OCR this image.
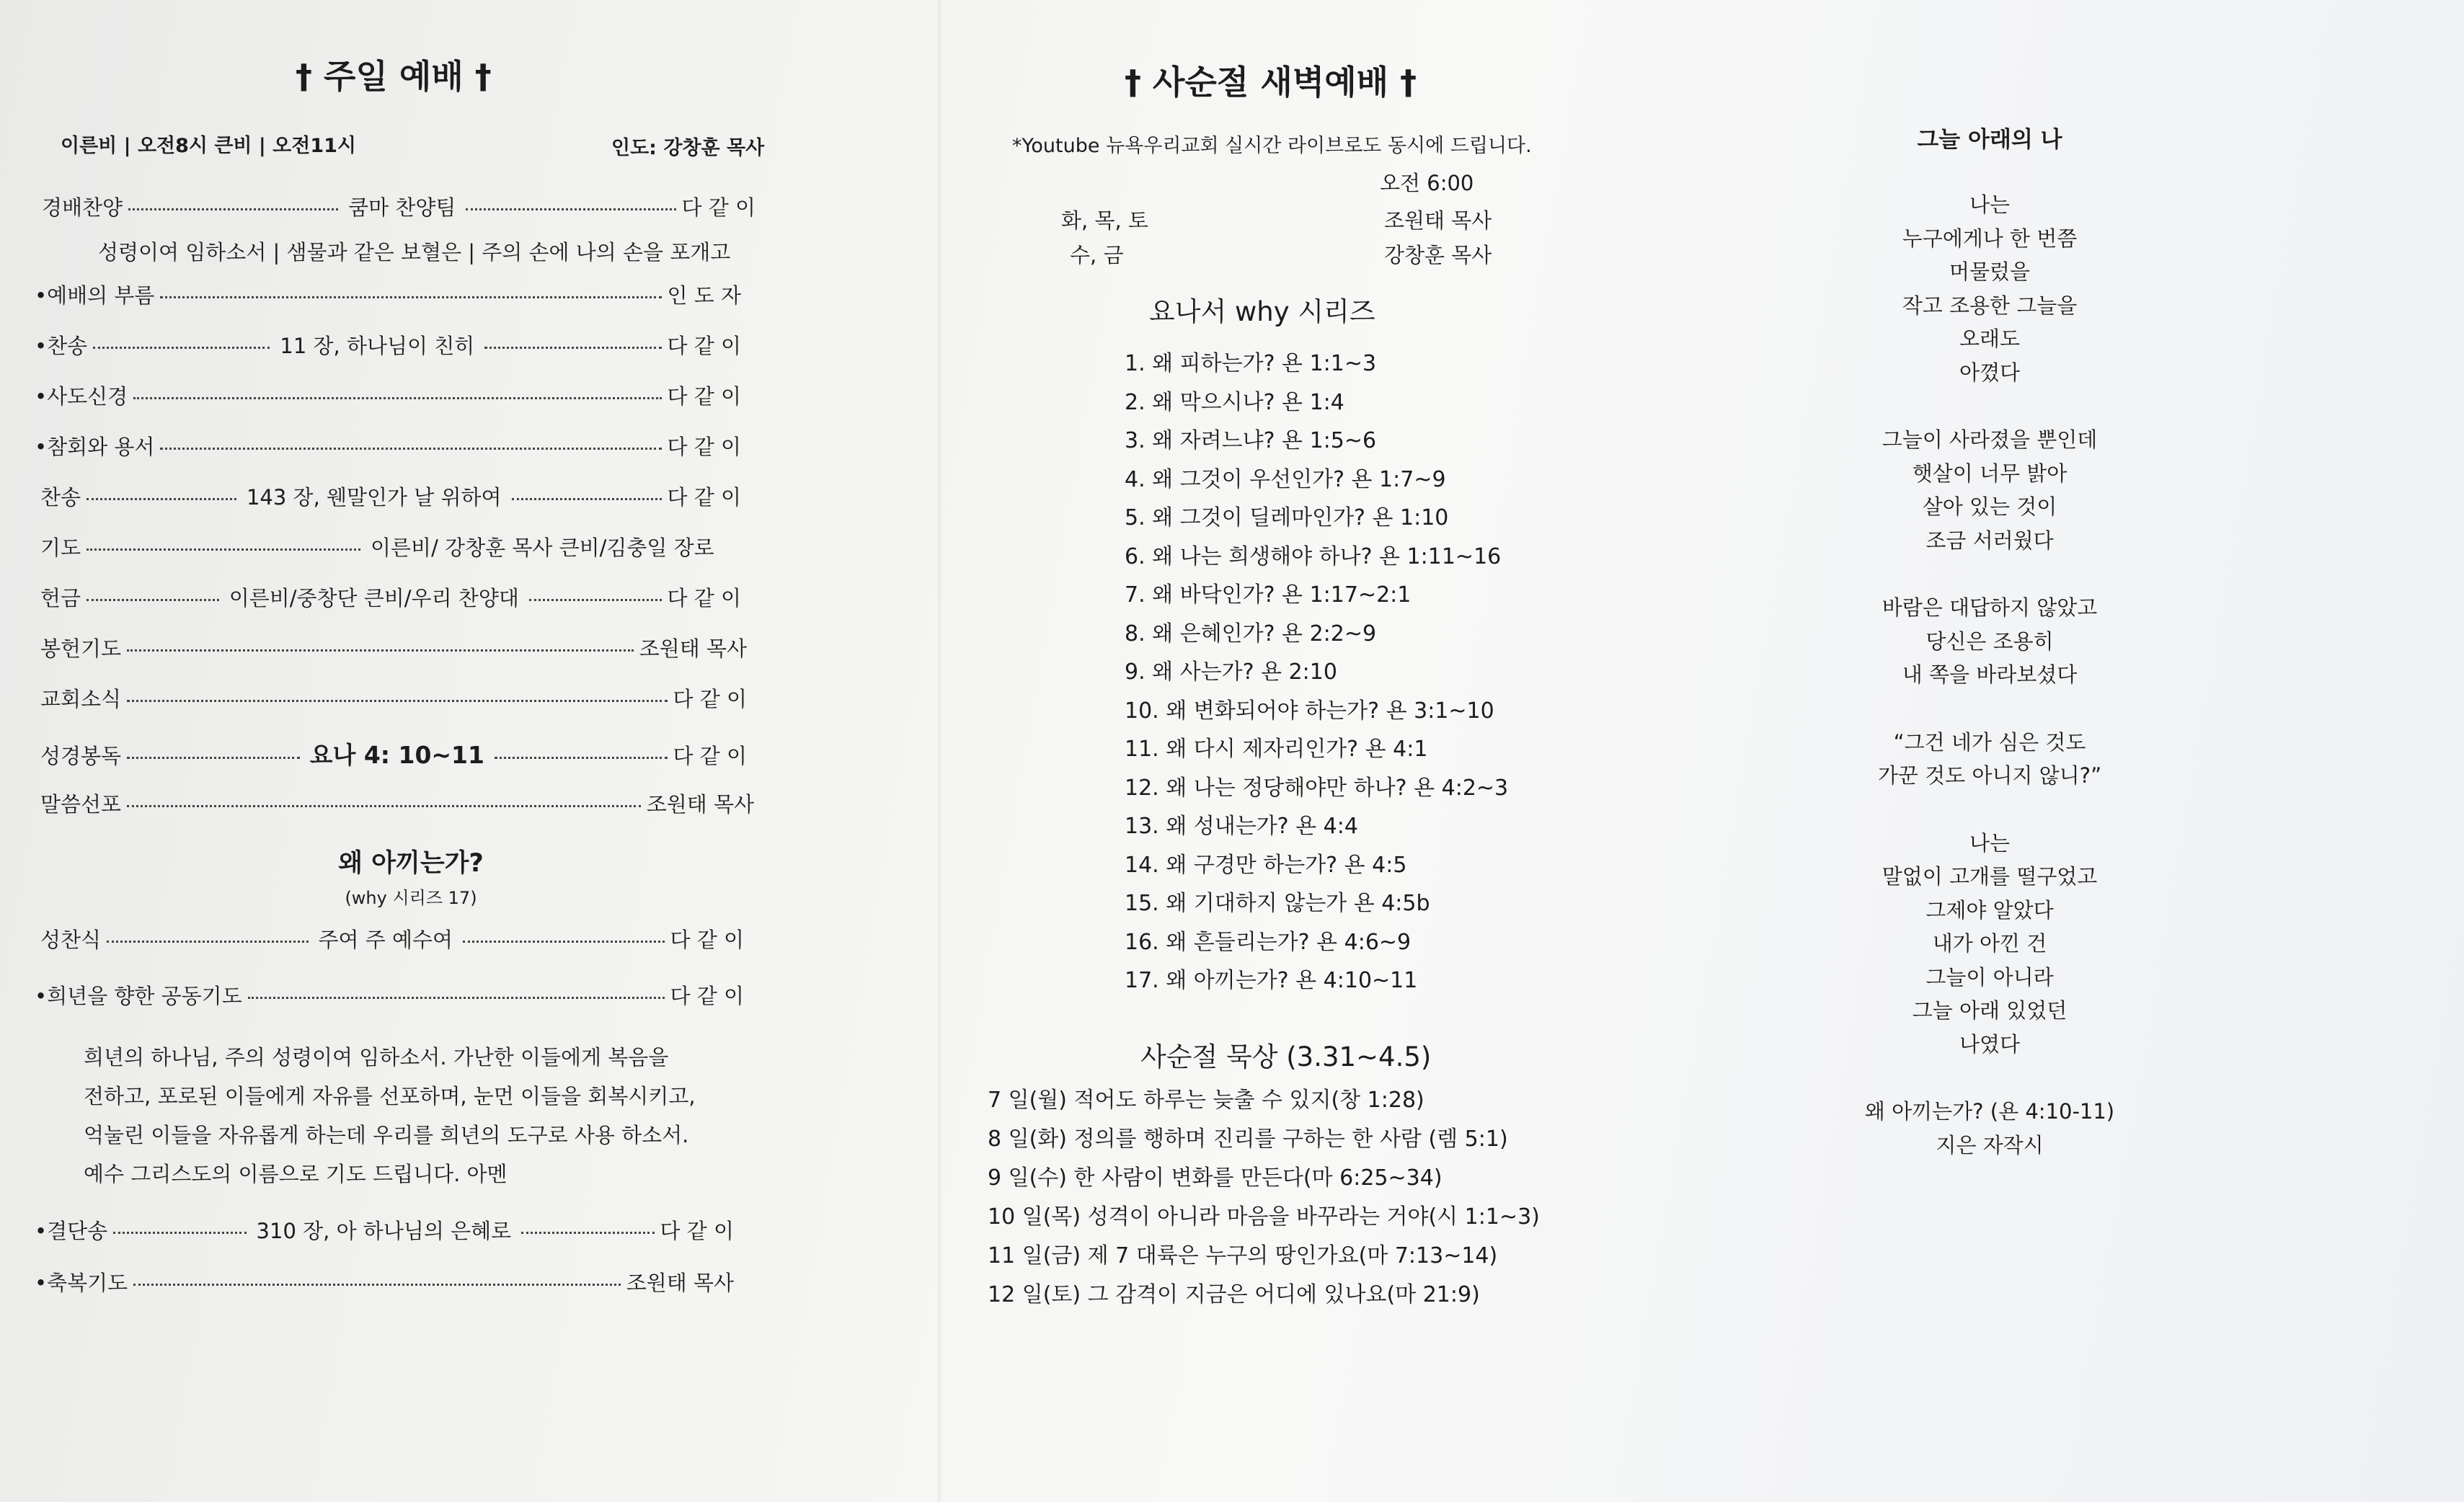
† 주일 예배 †
이른비 | 오전8시 큰비 | 오전11시	인도: 강창훈 목사
경배찬양	쿰마 찬양팀	다 같 이
성령이여 임하소서 | 샘물과 같은 보혈은 | 주의 손에 나의 손을 포개고
•예배의 부름	인 도 자
•찬송	11 장, 하나님이 친히	다 같 이
•사도신경	다 같 이
•참회와 용서	다 같 이
찬송	143 장, 웬말인가 날 위하여	다 같 이
기도	이른비/ 강창훈 목사 큰비/김충일 장로
헌금	이른비/중창단 큰비/우리 찬양대	다 같 이
봉헌기도	조원태 목사
교회소식	다 같 이
성경봉독	요나 4: 10~11	다 같 이
말씀선포	조원태 목사
왜 아끼는가?
(why 시리즈 17)
성찬식	주여 주 예수여	다 같 이
•희년을 향한 공동기도	다 같 이
희년의 하나님, 주의 성령이여 임하소서. 가난한 이들에게 복음을
전하고, 포로된 이들에게 자유를 선포하며, 눈먼 이들을 회복시키고,
억눌린 이들을 자유롭게 하는데 우리를 희년의 도구로 사용 하소서.
예수 그리스도의 이름으로 기도 드립니다. 아멘
•결단송	310 장, 아 하나님의 은혜로	다 같 이
•축복기도	조원태 목사
† 사순절 새벽예배 †
*Youtube 뉴욕우리교회 실시간 라이브로도 동시에 드립니다.
오전 6:00
화, 목, 토	조원태 목사
수, 금	강창훈 목사
요나서 why 시리즈
1. 왜 피하는가? 욘 1:1~3
2. 왜 막으시나? 욘 1:4
3. 왜 자려느냐? 욘 1:5~6
4. 왜 그것이 우선인가? 욘 1:7~9
5. 왜 그것이 딜레마인가? 욘 1:10
6. 왜 나는 희생해야 하나? 욘 1:11~16
7. 왜 바닥인가? 욘 1:17~2:1
8. 왜 은혜인가? 욘 2:2~9
9. 왜 사는가? 욘 2:10
10. 왜 변화되어야 하는가? 욘 3:1~10
11. 왜 다시 제자리인가? 욘 4:1
12. 왜 나는 정당해야만 하나? 욘 4:2~3
13. 왜 성내는가? 욘 4:4
14. 왜 구경만 하는가? 욘 4:5
15. 왜 기대하지 않는가 욘 4:5b
16. 왜 흔들리는가? 욘 4:6~9
17. 왜 아끼는가? 욘 4:10~11
사순절 묵상 (3.31~4.5)
7 일(월) 적어도 하루는 늦출 수 있지(창 1:28)
8 일(화) 정의를 행하며 진리를 구하는 한 사람 (렘 5:1)
9 일(수) 한 사람이 변화를 만든다(마 6:25~34)
10 일(목) 성격이 아니라 마음을 바꾸라는 거야(시 1:1~3)
11 일(금) 제 7 대륙은 누구의 땅인가요(마 7:13~14)
12 일(토) 그 감격이 지금은 어디에 있나요(마 21:9)
그늘 아래의 나
나는
누구에게나 한 번쯤
머물렀을
작고 조용한 그늘을
오래도
아꼈다
그늘이 사라졌을 뿐인데
햇살이 너무 밝아
살아 있는 것이
조금 서러웠다
바람은 대답하지 않았고
당신은 조용히
내 쪽을 바라보셨다
“그건 네가 심은 것도
가꾼 것도 아니지 않니?”
나는
말없이 고개를 떨구었고
그제야 알았다
내가 아낀 건
그늘이 아니라
그늘 아래 있었던
나였다
왜 아끼는가? (욘 4:10-11)
지은 자작시
